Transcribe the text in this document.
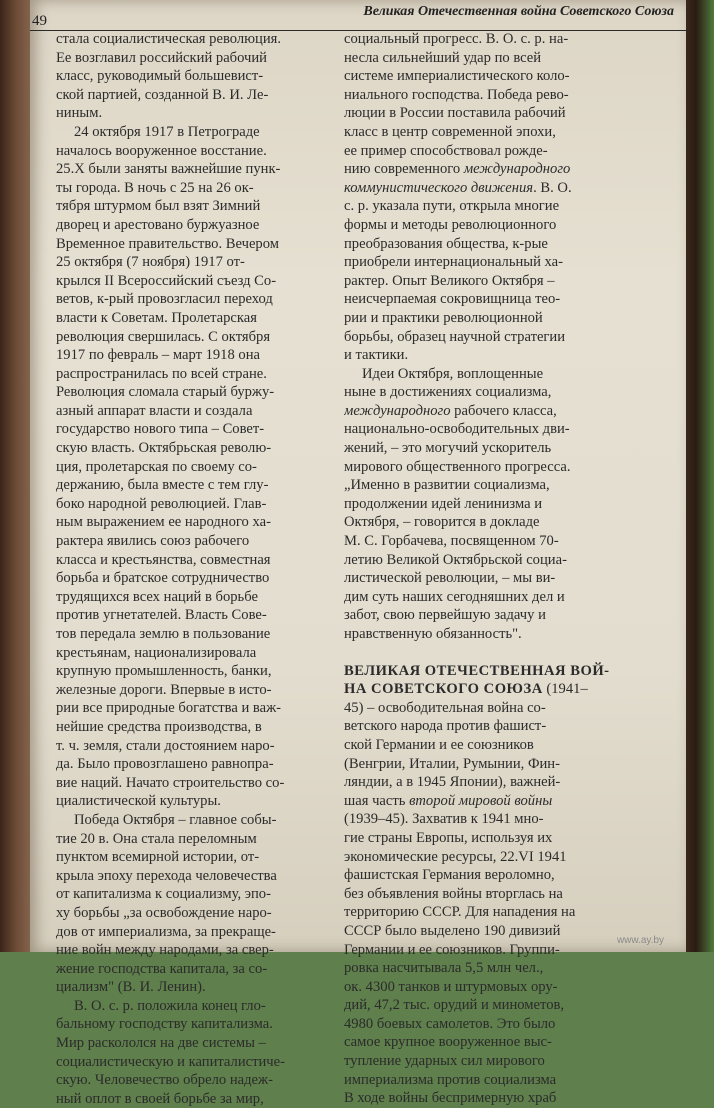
49
Великая Отечественная война Советского Союза
стала социалистическая революция.
Ее возглавил российский рабочий
класс, руководимый большевист-
ской партией, созданной В. И. Ле-
ниным.
24 октября 1917 в Петрограде
началось вооруженное восстание.
25.X были заняты важнейшие пунк-
ты города. В ночь с 25 на 26 ок-
тября штурмом был взят Зимний
дворец и арестовано буржуазное
Временное правительство. Вечером
25 октября (7 ноября) 1917 от-
крылся II Всероссийский съезд Со-
ветов, к-рый провозгласил переход
власти к Советам. Пролетарская
революция свершилась. С октября
1917 по февраль – март 1918 она
распространилась по всей стране.
Революция сломала старый буржу-
азный аппарат власти и создала
государство нового типа – Совет-
скую власть. Октябрьская револю-
ция, пролетарская по своему со-
держанию, была вместе с тем глу-
боко народной революцией. Глав-
ным выражением ее народного ха-
рактера явились союз рабочего
класса и крестьянства, совместная
борьба и братское сотрудничество
трудящихся всех наций в борьбе
против угнетателей. Власть Сове-
тов передала землю в пользование
крестьянам, национализировала
крупную промышленность, банки,
железные дороги. Впервые в исто-
рии все природные богатства и важ-
нейшие средства производства, в
т. ч. земля, стали достоянием наро-
да. Было провозглашено равнопра-
вие наций. Начато строительство со-
циалистической культуры.
Победа Октября – главное собы-
тие 20 в. Она стала переломным
пунктом всемирной истории, от-
крыла эпоху перехода человечества
от капитализма к социализму, эпо-
ху борьбы „за освобождение наро-
дов от империализма, за прекраще-
ние войн между народами, за свер-
жение господства капитала, за со-
циализм" (В. И. Ленин).
В. О. с. р. положила конец гло-
бальному господству капитализма.
Мир раскололся на две системы –
социалистическую и капиталистиче-
скую. Человечество обрело надеж-
ный оплот в своей борьбе за мир,
социальный прогресс. В. О. с. р. на-
несла сильнейший удар по всей
системе империалистического коло-
ниального господства. Победа рево-
люции в России поставила рабочий
класс в центр современной эпохи,
ее пример способствовал рожде-
нию современного международного
коммунистического движения. В. О.
с. р. указала пути, открыла многие
формы и методы революционного
преобразования общества, к-рые
приобрели интернациональный ха-
рактер. Опыт Великого Октября –
неисчерпаемая сокровищница тео-
рии и практики революционной
борьбы, образец научной стратегии
и тактики.
Идеи Октября, воплощенные
ныне в достижениях социализма,
международного рабочего класса,
национально-освободительных дви-
жений, – это могучий ускоритель
мирового общественного прогресса.
„Именно в развитии социализма,
продолжении идей ленинизма и
Октября, – говорится в докладе
М. С. Горбачева, посвященном 70-
летию Великой Октябрьской социа-
листической революции, – мы ви-
дим суть наших сегодняшних дел и
забот, свою первейшую задачу и
нравственную обязанность".
ВЕЛИКАЯ ОТЕЧЕСТВЕННАЯ ВОЙ-
НА СОВЕТСКОГО СОЮЗА (1941–
45) – освободительная война со-
ветского народа против фашист-
ской Германии и ее союзников
(Венгрии, Италии, Румынии, Фин-
ляндии, а в 1945 Японии), важней-
шая часть второй мировой войны
(1939–45). Захватив к 1941 мно-
гие страны Европы, используя их
экономические ресурсы, 22.VI 1941
фашистская Германия вероломно,
без объявления войны вторглась на
территорию СССР. Для нападения на
СССР было выделено 190 дивизий
Германии и ее союзников. Группи-
ровка насчитывала 5,5 млн чел.,
ок. 4300 танков и штурмовых ору-
дий, 47,2 тыс. орудий и минометов,
4980 боевых самолетов. Это было
самое крупное вооруженное выс-
тупление ударных сил мирового
империализма против социализма
В ходе войны беспримерную храб
www.ay.by
